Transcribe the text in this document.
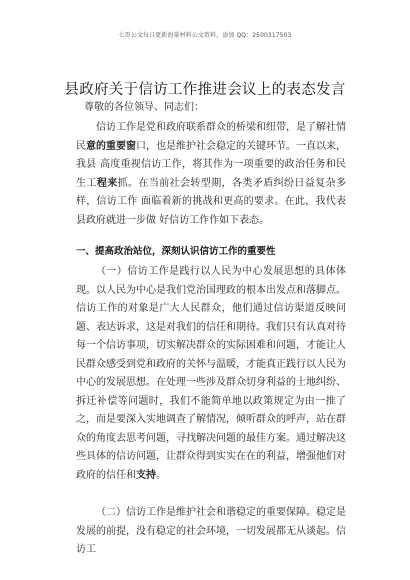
七哥公文每日更新海量材料公文资料，添加 QQ：2500317503
县政府关于信访工作推进会议上的表态发言
尊敬的各位领导、同志们：

信访工作是党和政府联系群众的桥梁和纽带，是了解社情民意的重要窗口，也是维护社会稳定的关键环节。一直以来，我县 高度重视信访工作，将其作为一项重要的政治任务和民生工程来抓。在当前社会转型期，各类矛盾纠纷日益复杂多样，信访工作 面临着新的挑战和更高的要求。在此，我代表县政府就进一步做 好信访工作作如下表态。

一、提高政治站位，深刻认识信访工作的重要性

（一）信访工作是践行以人民为中心发展思想的具体体现。以人民为中心是我们党治国理政的根本出发点和落脚点。信访工作的对象是广大人民群众，他们通过信访渠道反映问题、表达诉求，这是对我们的信任和期待。我们只有认真对待每一个信访事项，切实解决群众的实际困难和问题，才能让人民群众感受到党和政府的关怀与温暖，才能真正践行以人民为中心的发展思想。在处理一些涉及群众切身利益的土地纠纷、拆迁补偿等问题时，我们不能简单地以政策规定为由一推了之，而是要深入实地调查了解情况，倾听群众的呼声，站在群众的角度去思考问题，寻找解决问题的最佳方案。通过解决这些具体的信访问题，让群众得到实实在在的利益，增强他们对政府的信任和支持。

（二）信访工作是维护社会和谐稳定的重要保障。稳定是发展的前提，没有稳定的社会环境，一切发展都无从谈起。信访工
